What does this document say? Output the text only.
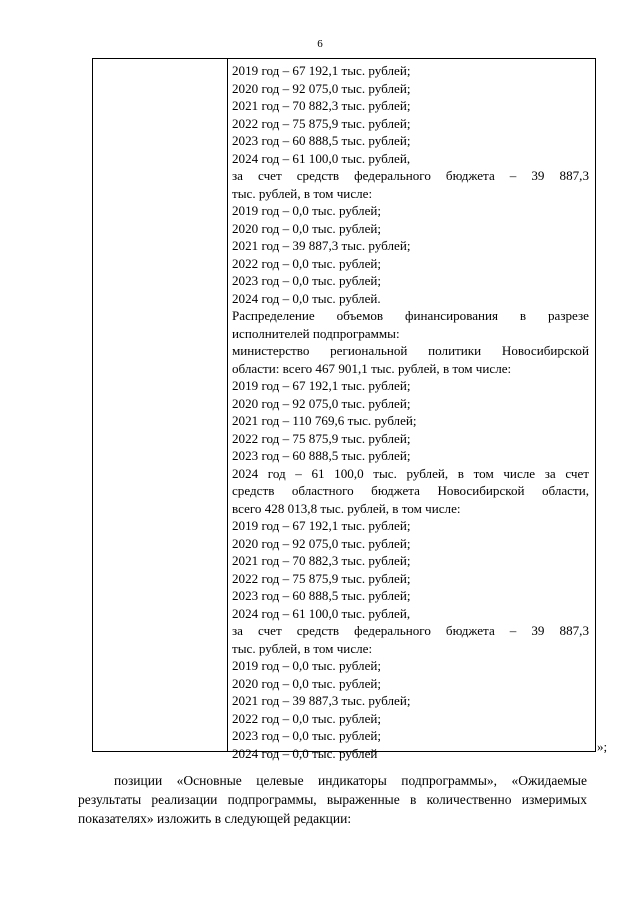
6
2019 год – 67 192,1 тыс. рублей;
2020 год – 92 075,0 тыс. рублей;
2021 год – 70 882,3 тыс. рублей;
2022 год – 75 875,9 тыс. рублей;
2023 год – 60 888,5 тыс. рублей;
2024 год – 61 100,0 тыс. рублей,
за счет средств федерального бюджета – 39 887,3
тыс. рублей, в том числе:
2019 год – 0,0 тыс. рублей;
2020 год – 0,0 тыс. рублей;
2021 год – 39 887,3 тыс. рублей;
2022 год – 0,0 тыс. рублей;
2023 год – 0,0 тыс. рублей;
2024 год – 0,0 тыс. рублей.
Распределение объемов финансирования в разрезе
исполнителей подпрограммы:
министерство региональной политики Новосибирской
области: всего 467 901,1 тыс. рублей, в том числе:
2019 год – 67 192,1 тыс. рублей;
2020 год – 92 075,0 тыс. рублей;
2021 год – 110 769,6 тыс. рублей;
2022 год – 75 875,9 тыс. рублей;
2023 год – 60 888,5 тыс. рублей;
2024 год – 61 100,0 тыс. рублей, в том числе за счет
средств областного бюджета Новосибирской области,
всего 428 013,8 тыс. рублей, в том числе:
2019 год – 67 192,1 тыс. рублей;
2020 год – 92 075,0 тыс. рублей;
2021 год – 70 882,3 тыс. рублей;
2022 год – 75 875,9 тыс. рублей;
2023 год – 60 888,5 тыс. рублей;
2024 год – 61 100,0 тыс. рублей,
за счет средств федерального бюджета – 39 887,3
тыс. рублей, в том числе:
2019 год – 0,0 тыс. рублей;
2020 год – 0,0 тыс. рублей;
2021 год – 39 887,3 тыс. рублей;
2022 год – 0,0 тыс. рублей;
2023 год – 0,0 тыс. рублей;
2024 год – 0,0 тыс. рублей	»;
позиции «Основные целевые индикаторы подпрограммы», «Ожидаемые
результаты реализации подпрограммы, выраженные в количественно измеримых
показателях» изложить в следующей редакции:
